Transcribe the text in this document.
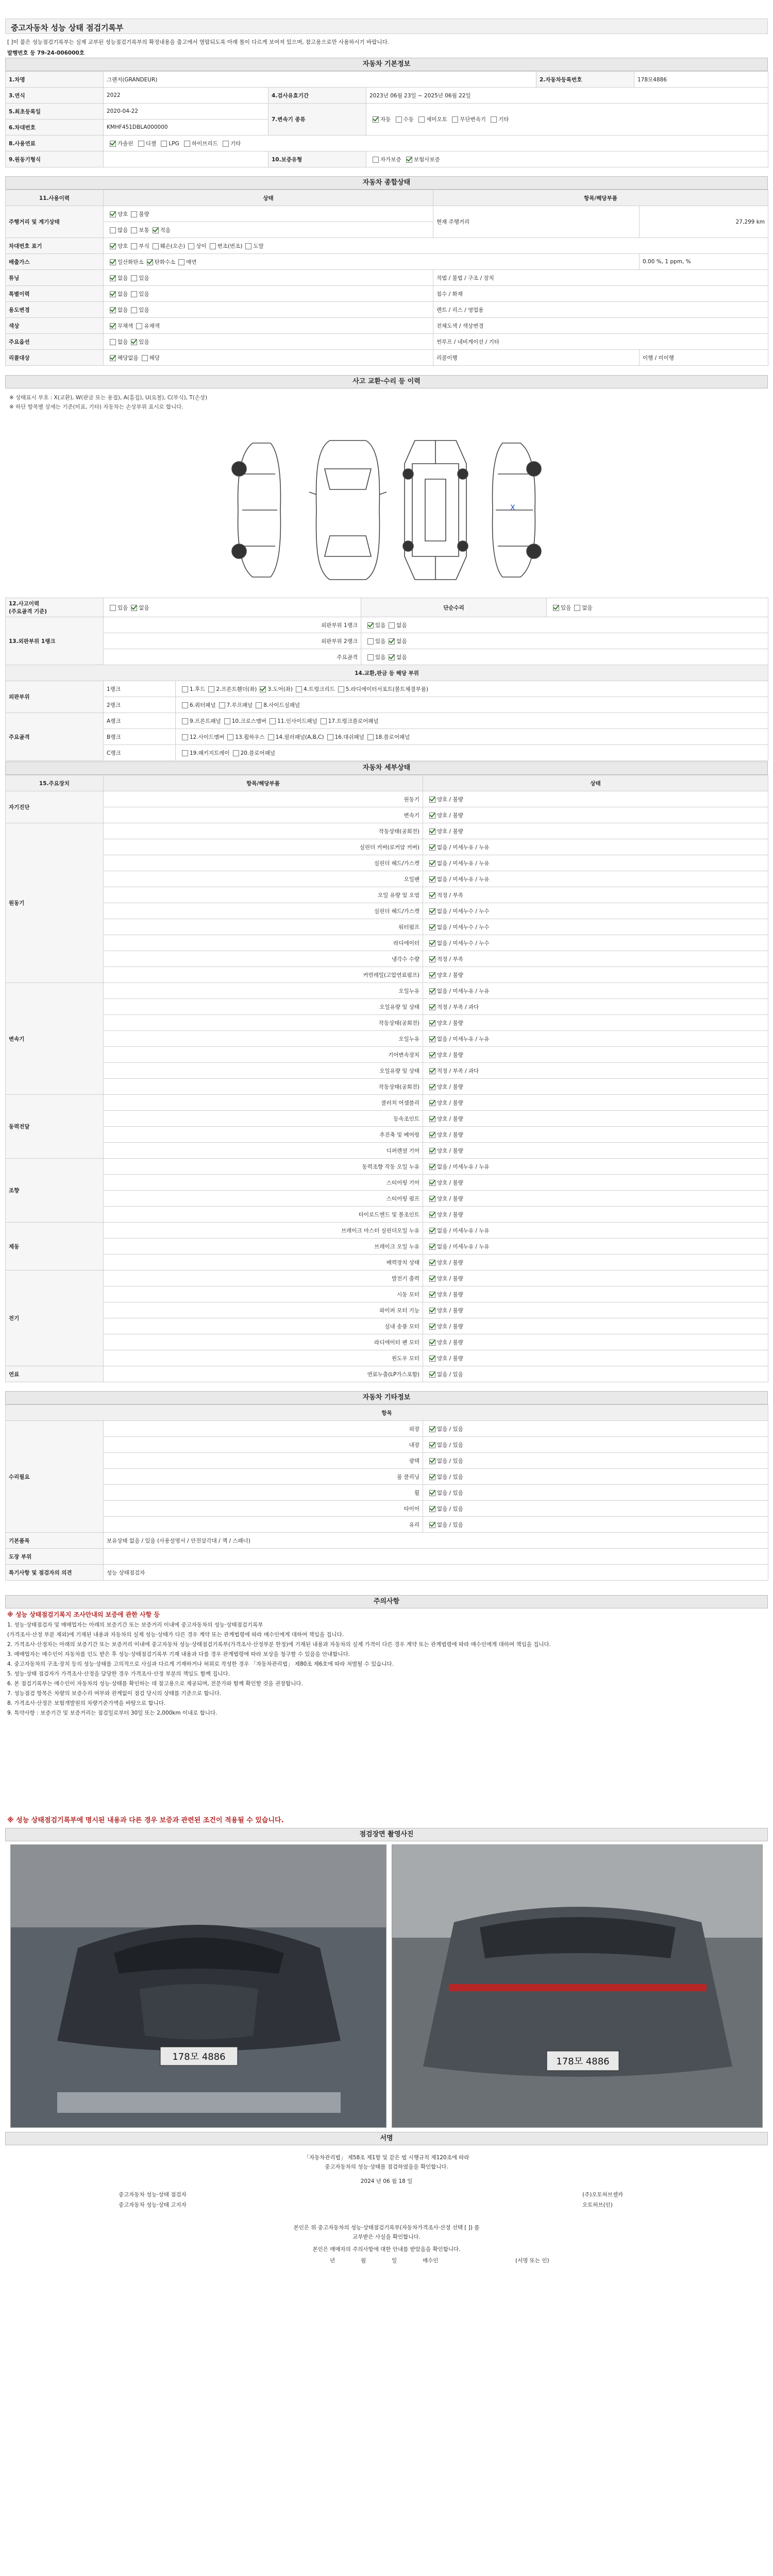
중고자동차 성능 상태 점검기록부
[ ]이 붙은 성능점검기록부는 실제 교부된 성능점검기록부의 확정내용을 출고에서 열람되도록 아래 틀이 다르게 보여져 있으며, 참고용으로만 사용하시기 바랍니다.
발행번호 등 79-24-006000호
자동차 기본정보
1.차명	그랜저(GRANDEUR)			2.자동차등록번호	178모4886
3.연식	2022	4.검사유효기간	2023년 06월 23일 ~ 2025년 06월 22일		
5.최초등록일	2020-04-22	7.변속기 종류	자동 수동 세미오토 무단변속기 기타		
6.차대번호	KMHF451DBLA000000				
8.사용연료	가솔린 디젤 LPG 하이브리드 기타				
9.원동기형식		10.보증유형	자가보증 보험사보증		
자동차 종합상태
11.사용이력	상태	항목/해당부품	
주행거리 및 계기상태	양호 불량	현재 주행거리	27,299 km
	많음 보통 적음		
차대번호 표기	양호 부식 훼손(오손) 상이 변조(번조) 도말		
배출가스	일산화탄소 탄화수소 매연		0.00 %, 1 ppm, %
튜닝	없음 있음	적법 / 불법 / 구조 / 장치	
특별이력	없음 있음	침수 / 화재	
용도변경	없음 있음	렌트 / 리스 / 영업용	
색상	무채색 유채색	전체도색 / 색상변경	
주요옵션	없음 있음	썬루프 / 네비게이션 / 기타	
리콜대상	해당없음 해당	리콜이행	이행 / 미이행
사고 교환·수리 등 이력
※ 상태표시 부호 : X(교환), W(판금 또는 용접), A(흠집), U(요철), C(부식), T(손상)
※ 하단 항목별 상세는 기준(미표, 기타) 자동차는 손상부위 표시로 합니다.
X
12.사고이력
(주요골격 기준)	있음 없음		단순수리	있음 없음
13.외판부위 1랭크	외판부위 1랭크		있음 없음	
	외판부위 2랭크		있음 없음	
	주요골격		있음 없음	
14.교환,판금 등 해당 부위				
외판부위	1랭크	1.후드 2.프론트휀더(좌) 3.도어(좌) 4.트렁크리드 5.라디에이터서포트(볼트체결부품)		
	2랭크	6.쿼터패널 7.루프패널 8.사이드실패널		
주요골격	A랭크	9.프론트패널 10.크로스멤버 11.인사이드패널 17.트렁크플로어패널		
	B랭크	12.사이드멤버 13.휠하우스 14.필러패널(A,B,C) 16.대쉬패널 18.플로어패널		
	C랭크	19.패키지트레이 20.플로어패널		
자동차 세부상태
15.주요장치	항목/해당부품	상태
자기진단	원동기	양호 / 불량
	변속기	양호 / 불량
원동기	작동상태(공회전)	양호 / 불량
	실린더 커버(로커암 커버)	없음 / 미세누유 / 누유
	실린더 헤드/가스켓	없음 / 미세누유 / 누유
	오일팬	없음 / 미세누유 / 누유
	오일 유량 및 오염	적정 / 부족
	실린더 헤드/가스켓	없음 / 미세누수 / 누수
	워터펌프	없음 / 미세누수 / 누수
	라디에이터	없음 / 미세누수 / 누수
	냉각수 수량	적정 / 부족
	커먼레일(고압연료펌프)	양호 / 불량
변속기	오일누유	없음 / 미세누유 / 누유
	오일유량 및 상태	적정 / 부족 / 과다
	작동상태(공회전)	양호 / 불량
	오일누유	없음 / 미세누유 / 누유
	기어변속장치	양호 / 불량
	오일유량 및 상태	적정 / 부족 / 과다
	작동상태(공회전)	양호 / 불량
동력전달	클러치 어셈블리	양호 / 불량
	등속조인트	양호 / 불량
	추진축 및 베어링	양호 / 불량
	디퍼렌셜 기어	양호 / 불량
조향	동력조향 작동 오일 누유	없음 / 미세누유 / 누유
	스티어링 기어	양호 / 불량
	스티어링 펌프	양호 / 불량
	타이로드엔드 및 볼조인트	양호 / 불량
제동	브레이크 마스터 실린더오일 누유	없음 / 미세누유 / 누유
	브레이크 오일 누유	없음 / 미세누유 / 누유
	배력장치 상태	양호 / 불량
전기	발전기 출력	양호 / 불량
	시동 모터	양호 / 불량
	와이퍼 모터 기능	양호 / 불량
	실내 송풍 모터	양호 / 불량
	라디에이터 팬 모터	양호 / 불량
	윈도우 모터	양호 / 불량
연료	연료누출(LP가스포함)	없음 / 있음
자동차 기타정보
항목		
수리필요	외장	없음 / 있음
	내장	없음 / 있음
	광택	없음 / 있음
	룸 클리닝	없음 / 있음
	휠	없음 / 있음
	타이어	없음 / 있음
	유리	없음 / 있음
기본품목	보유상태 없음 / 있음 (사용설명서 / 안전삼각대 / 잭 / 스패너)	
도장 부위		
특기사항 및 점검자의 의견	성능 상태점검자	
주의사항
※ 성능 상태점검기록지 조사안내의 보증에 관한 사항 등

1. 성능·상태점검자 및 매매업자는 아래의 보증기간 또는 보증거리 이내에 중고자동차의 성능·상태점검기록부

(가격조사·산정 부분 제외)에 기재된 내용과 자동차의 실제 성능·상태가 다른 경우 계약 또는 관계법령에 따라 매수인에게 대하여 책임을 집니다.

2. 가격조사·산정자는 아래의 보증기간 또는 보증거리 이내에 중고자동차 성능·상태점검기록부(가격조사·산정부분 한정)에 기재된 내용과 자동차의 실제 가격이 다른 경우 계약 또는 관계법령에 따라 매수인에게 대하여 책임을 집니다.

3. 매매업자는 매수인이 자동차를 인도 받은 후 성능·상태점검기록부 기재 내용과 다를 경우 관계법령에 따라 보상을 청구할 수 있음을 안내합니다.

4. 중고자동차의 구조·장치 등의 성능·상태를 고의적으로 사실과 다르게 기재하거나 허위로 작성한 경우 「자동차관리법」 제80조 제6호에 따라 처벌될 수 있습니다.

5. 성능·상태 점검자가 가격조사·산정을 담당한 경우 가격조사·산정 부분의 책임도 함께 집니다.

6. 본 점검기록부는 매수인이 자동차의 성능·상태를 확인하는 데 참고용으로 제공되며, 전문가와 함께 확인할 것을 권장합니다.

7. 성능점검 항목은 차량의 보증수리 여부와 관계없이 점검 당시의 상태를 기준으로 합니다.

8. 가격조사·산정은 보험개발원의 차량기준가액을 바탕으로 합니다.

9. 특약사항 : 보증기간 및 보증거리는 점검일로부터 30일 또는 2,000km 이내로 합니다.

※ 성능 상태점검기록부에 명시된 내용과 다른 경우 보증과 관련된 조건이 적용될 수 있습니다.
점검장면 촬영사진
178모 4886	178모 4886
서명
「자동차관리법」 제58조 제1항 및 같은 법 시행규칙 제120조에 따라
중고자동차의 성능·상태를 점검하였음을 확인합니다.
2024 년 06 월 18 일
중고자동차 성능·상태 점검자	(주)오토허브셀카
중고자동차 성능·상태 고지자	오토허브(인)
본인은 위 중고자동차의 성능·상태점검기록부(자동차가격조사·산정 선택 [ ]) 를
교부받은 사실을 확인합니다.
본인은 매매자의 주의사항에 대한 안내를 받았음을 확인합니다.
년	월	일	매수인	(서명 또는 인)
